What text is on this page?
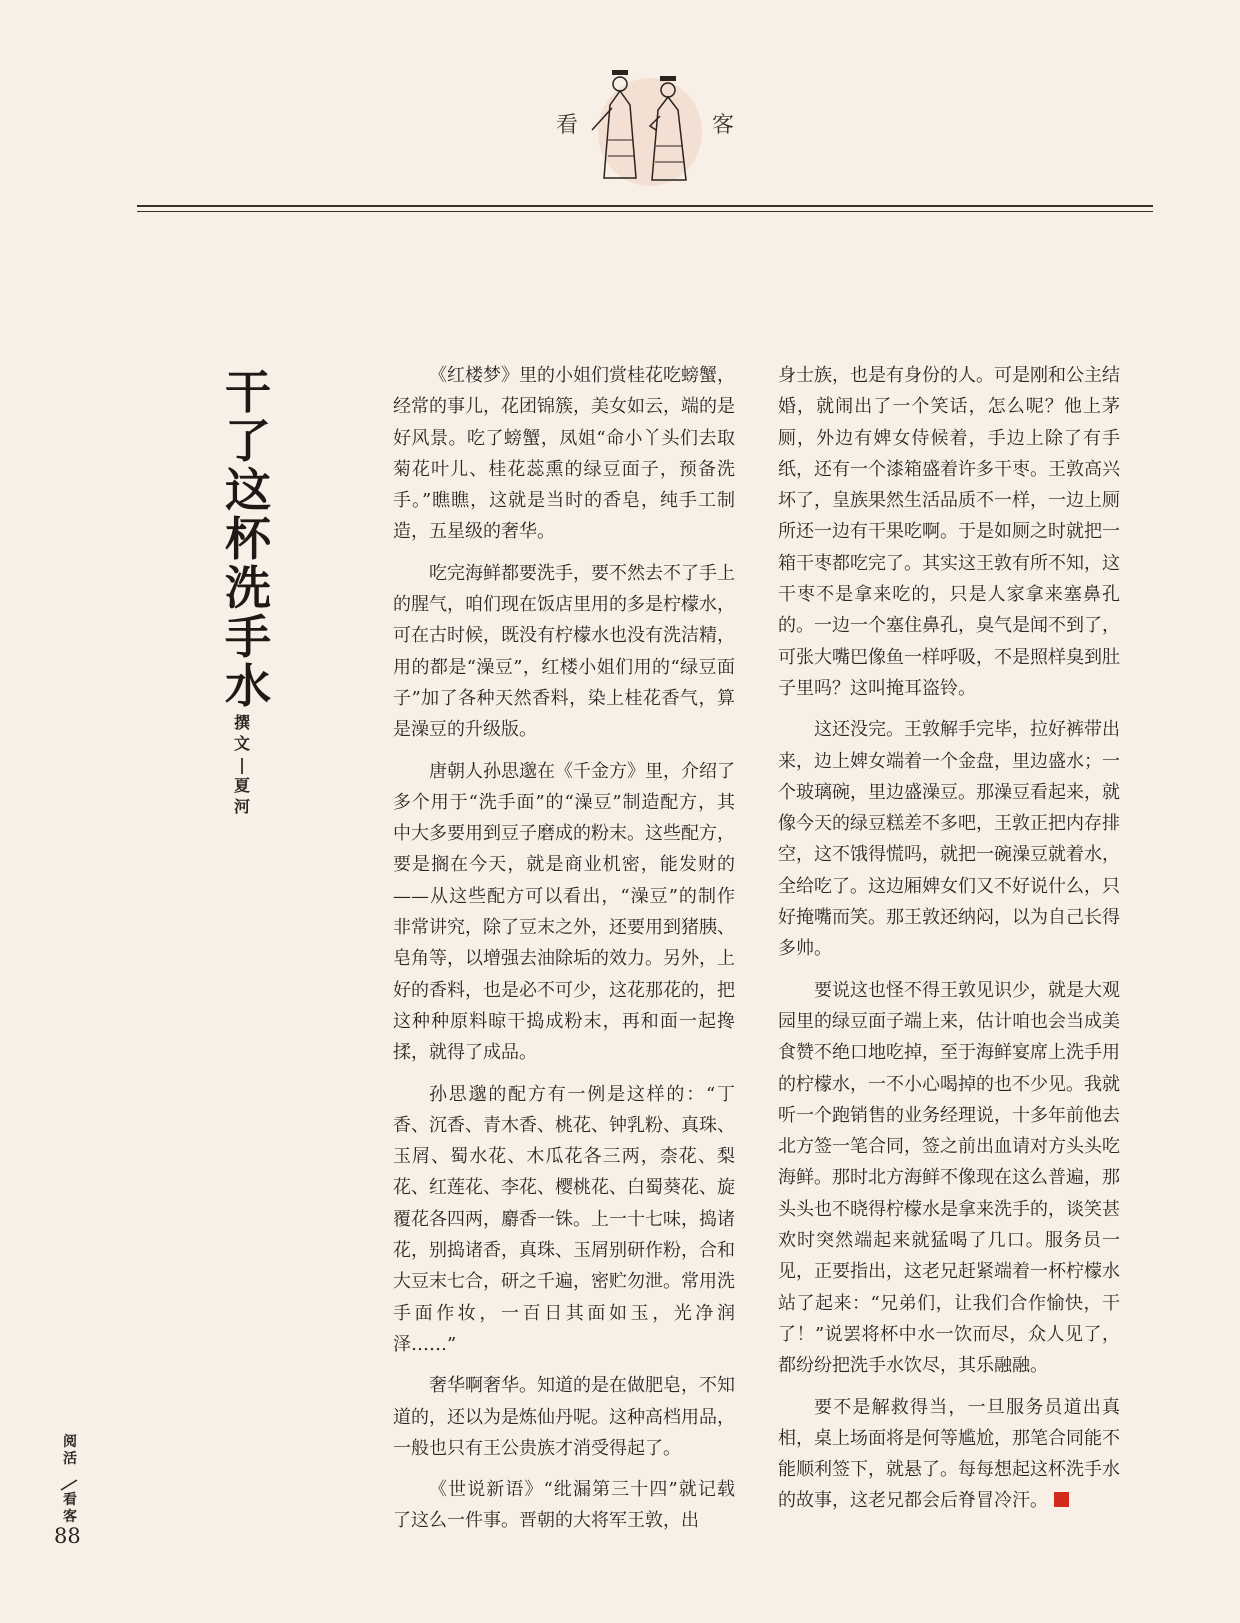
看	客
干了这杯洗手水
撰文 | 夏河

《红楼梦》里的小姐们赏桂花吃螃蟹，经常的事儿，花团锦簇，美女如云，端的是好风景。吃了螃蟹，凤姐“命小丫头们去取菊花叶儿、桂花蕊熏的绿豆面子，预备洗手。”瞧瞧，这就是当时的香皂，纯手工制造，五星级的奢华。

吃完海鲜都要洗手，要不然去不了手上的腥气，咱们现在饭店里用的多是柠檬水，可在古时候，既没有柠檬水也没有洗洁精，用的都是“澡豆”，红楼小姐们用的“绿豆面子”加了各种天然香料，染上桂花香气，算是澡豆的升级版。

唐朝人孙思邈在《千金方》里，介绍了多个用于“洗手面”的“澡豆”制造配方，其中大多要用到豆子磨成的粉末。这些配方，要是搁在今天，就是商业机密，能发财的——从这些配方可以看出，“澡豆”的制作非常讲究，除了豆末之外，还要用到猪胰、皂角等，以增强去油除垢的效力。另外，上好的香料，也是必不可少，这花那花的，把这种种原料晾干捣成粉末，再和面一起搀揉，就得了成品。

孙思邈的配方有一例是这样的：“丁香、沉香、青木香、桃花、钟乳粉、真珠、玉屑、蜀水花、木瓜花各三两，柰花、梨花、红莲花、李花、樱桃花、白蜀葵花、旋覆花各四两，麝香一铢。上一十七味，捣诸花，别捣诸香，真珠、玉屑别研作粉，合和大豆末七合，研之千遍，密贮勿泄。常用洗手面作妆，一百日其面如玉，光净润泽……”

奢华啊奢华。知道的是在做肥皂，不知道的，还以为是炼仙丹呢。这种高档用品，一般也只有王公贵族才消受得起了。

《世说新语》“纰漏第三十四”就记载了这么一件事。晋朝的大将军王敦，出

身士族，也是有身份的人。可是刚和公主结婚，就闹出了一个笑话，怎么呢？他上茅厕，外边有婢女侍候着，手边上除了有手纸，还有一个漆箱盛着许多干枣。王敦高兴坏了，皇族果然生活品质不一样，一边上厕所还一边有干果吃啊。于是如厕之时就把一箱干枣都吃完了。其实这王敦有所不知，这干枣不是拿来吃的，只是人家拿来塞鼻孔的。一边一个塞住鼻孔，臭气是闻不到了，可张大嘴巴像鱼一样呼吸，不是照样臭到肚子里吗？这叫掩耳盗铃。

这还没完。王敦解手完毕，拉好裤带出来，边上婢女端着一个金盘，里边盛水；一个玻璃碗，里边盛澡豆。那澡豆看起来，就像今天的绿豆糕差不多吧，王敦正把内存排空，这不饿得慌吗，就把一碗澡豆就着水，全给吃了。这边厢婢女们又不好说什么，只好掩嘴而笑。那王敦还纳闷，以为自己长得多帅。

要说这也怪不得王敦见识少，就是大观园里的绿豆面子端上来，估计咱也会当成美食赞不绝口地吃掉，至于海鲜宴席上洗手用的柠檬水，一不小心喝掉的也不少见。我就听一个跑销售的业务经理说，十多年前他去北方签一笔合同，签之前出血请对方头头吃海鲜。那时北方海鲜不像现在这么普遍，那头头也不晓得柠檬水是拿来洗手的，谈笑甚欢时突然端起来就猛喝了几口。服务员一见，正要指出，这老兄赶紧端着一杯柠檬水站了起来：“兄弟们，让我们合作愉快，干了！”说罢将杯中水一饮而尽，众人见了，都纷纷把洗手水饮尽，其乐融融。

要不是解救得当，一旦服务员道出真相，桌上场面将是何等尴尬，那笔合同能不能顺利签下，就悬了。每每想起这杯洗手水的故事，这老兄都会后脊冒冷汗。

阅活
看客
88
